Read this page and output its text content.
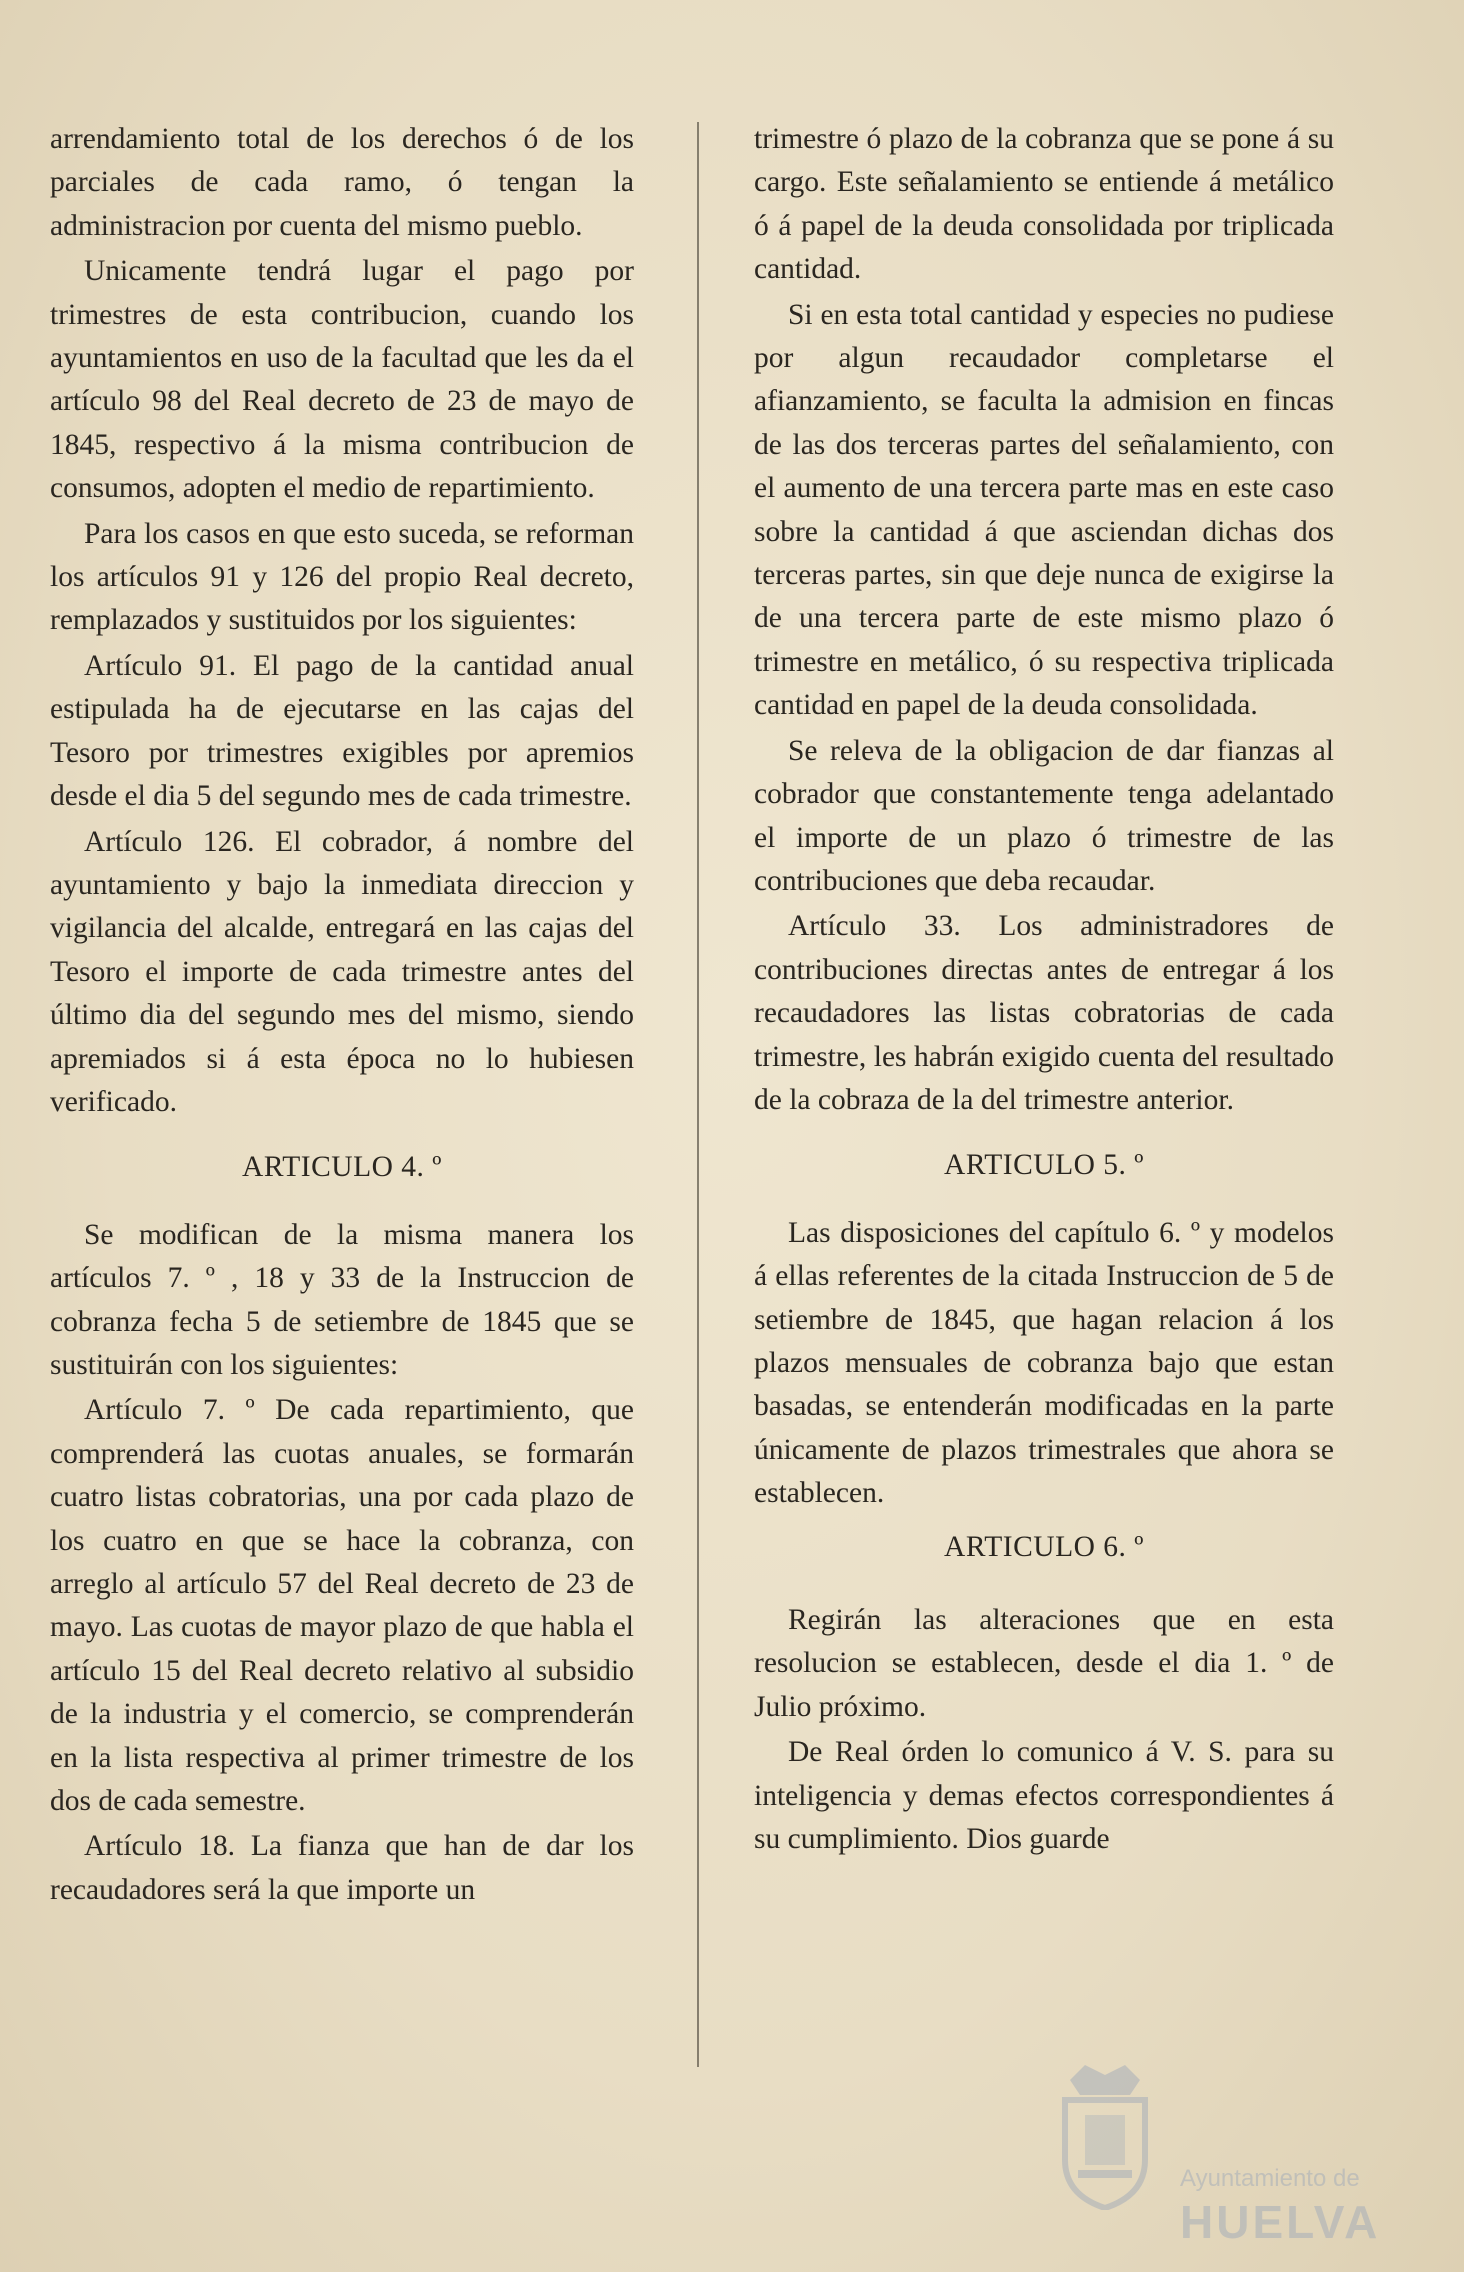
arrendamiento total de los derechos ó de los parciales de cada ramo, ó tengan la administracion por cuenta del mismo pueblo.

Unicamente tendrá lugar el pago por trimestres de esta contribucion, cuando los ayuntamientos en uso de la facultad que les da el artículo 98 del Real decreto de 23 de mayo de 1845, respectivo á la misma contribucion de consumos, adopten el medio de repartimiento.

Para los casos en que esto suceda, se reforman los artículos 91 y 126 del propio Real decreto, remplazados y sustituidos por los siguientes:

Artículo 91. El pago de la cantidad anual estipulada ha de ejecutarse en las cajas del Tesoro por trimestres exigibles por apremios desde el dia 5 del segundo mes de cada trimestre.

Artículo 126. El cobrador, á nombre del ayuntamiento y bajo la inmediata direccion y vigilancia del alcalde, entregará en las cajas del Tesoro el importe de cada trimestre antes del último dia del segundo mes del mismo, siendo apremiados si á esta época no lo hubiesen verificado.

ARTICULO 4. º

Se modifican de la misma manera los artículos 7. º , 18 y 33 de la Instruccion de cobranza fecha 5 de setiembre de 1845 que se sustituirán con los siguientes:

Artículo 7. º De cada repartimiento, que comprenderá las cuotas anuales, se formarán cuatro listas cobratorias, una por cada plazo de los cuatro en que se hace la cobranza, con arreglo al artículo 57 del Real decreto de 23 de mayo. Las cuotas de mayor plazo de que habla el artículo 15 del Real decreto relativo al subsidio de la industria y el comercio, se comprenderán en la lista respectiva al primer trimestre de los dos de cada semestre.

Artículo 18. La fianza que han de dar los recaudadores será la que importe un

trimestre ó plazo de la cobranza que se pone á su cargo. Este señalamiento se entiende á metálico ó á papel de la deuda consolidada por triplicada cantidad.

Si en esta total cantidad y especies no pudiese por algun recaudador completarse el afianzamiento, se faculta la admision en fincas de las dos terceras partes del señalamiento, con el aumento de una tercera parte mas en este caso sobre la cantidad á que asciendan dichas dos terceras partes, sin que deje nunca de exigirse la de una tercera parte de este mismo plazo ó trimestre en metálico, ó su respectiva triplicada cantidad en papel de la deuda consolidada.

Se releva de la obligacion de dar fianzas al cobrador que constantemente tenga adelantado el importe de un plazo ó trimestre de las contribuciones que deba recaudar.

Artículo 33. Los administradores de contribuciones directas antes de entregar á los recaudadores las listas cobratorias de cada trimestre, les habrán exigido cuenta del resultado de la cobraza de la del trimestre anterior.

ARTICULO 5. º

Las disposiciones del capítulo 6. º y modelos á ellas referentes de la citada Instruccion de 5 de setiembre de 1845, que hagan relacion á los plazos mensuales de cobranza bajo que estan basadas, se entenderán modificadas en la parte únicamente de plazos trimestrales que ahora se establecen.

ARTICULO 6. º

Regirán las alteraciones que en esta resolucion se establecen, desde el dia 1. º de Julio próximo.

De Real órden lo comunico á V. S. para su inteligencia y demas efectos correspondientes á su cumplimiento. Dios guarde

Ayuntamiento de
HUELVA
